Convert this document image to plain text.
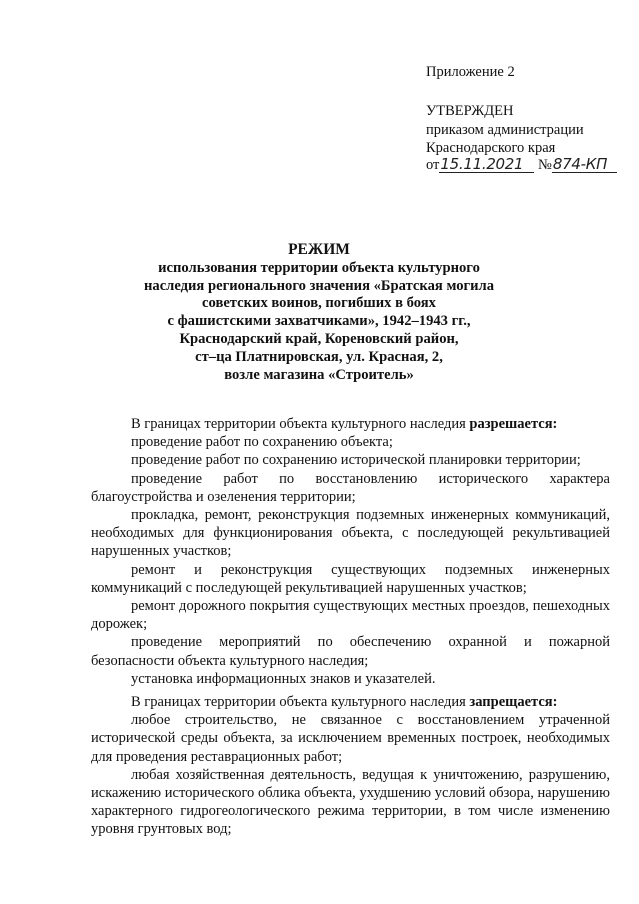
Приложение 2
УТВЕРЖДЕН
приказом администрации
Краснодарского края
от15.11.2021 №874-КП
РЕЖИМ
использования территории объекта культурного
наследия регионального значения «Братская могила
советских воинов, погибших в боях
с фашистскими захватчиками», 1942–1943 гг.,
Краснодарский край, Кореновский район,
ст–ца Платнировская, ул. Красная, 2,
возле магазина «Строитель»

В границах территории объекта культурного наследия разрешается:

проведение работ по сохранению объекта;

проведение работ по сохранению исторической планировки территории;

проведение работ по восстановлению исторического характера благоустройства и озеленения территории;

прокладка, ремонт, реконструкция подземных инженерных коммуникаций, необходимых для функционирования объекта, с последующей рекультивацией нарушенных участков;

ремонт и реконструкция существующих подземных инженерных коммуникаций с последующей рекультивацией нарушенных участков;

ремонт дорожного покрытия существующих местных проездов, пешеходных дорожек;

проведение мероприятий по обеспечению охранной и пожарной безопасности объекта культурного наследия;

установка информационных знаков и указателей.

В границах территории объекта культурного наследия запрещается:

любое строительство, не связанное с восстановлением утраченной исторической среды объекта, за исключением временных построек, необходимых для проведения реставрационных работ;

любая хозяйственная деятельность, ведущая к уничтожению, разрушению, искажению исторического облика объекта, ухудшению условий обзора, нарушению характерного гидрогеологического режима территории, в том числе изменению уровня грунтовых вод;
